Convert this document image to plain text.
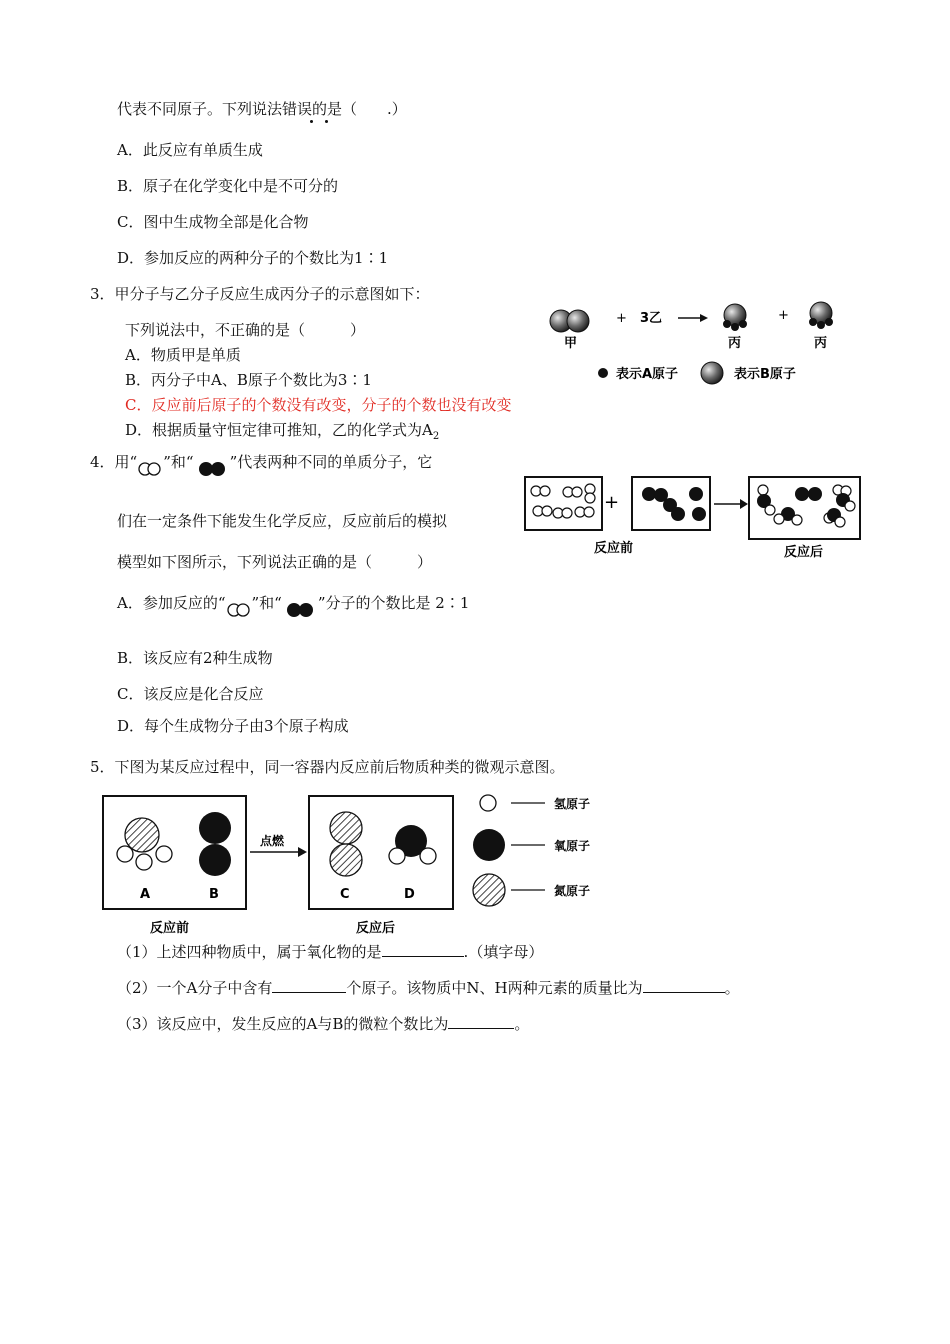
代表不同原子。下列说法错误的是（　　.）
A．此反应有单质生成
B．原子在化学变化中是不可分的
C．图中生成物全部是化合物
D．参加反应的两种分子的个数比为1∶1
3．甲分子与乙分子反应生成丙分子的示意图如下：
下列说法中，不正确的是（　　　）
A．物质甲是单质
B．丙分子中A、B原子个数比为3∶1
C．反应前后原子的个数没有改变，分子的个数也没有改变
D．根据质量守恒定律可推知，乙的化学式为$A_2$
甲
+ 3乙
丙
+
丙
表示A原子	表示B原子
4．用“ ”和“ ”代表两种不同的单质分子，它
们在一定条件下能发生化学反应，反应前后的模拟
模型如下图所示，下列说法正确的是（　　　）
A．参加反应的“ ”和“ ”分子的个数比是 2∶1
B．该反应有2种生成物
C．该反应是化合反应
D．每个生成物分子由3个原子构成
+
反应前	反应后
5．下图为某反应过程中，同一容器内反应前后物质种类的微观示意图。
A	B
反应前
点燃
C	D
反应后
氢原子
氧原子
氮原子
（1）上述四种物质中，属于氧化物的是	.（填字母）
（2）一个A分子中含有	个原子。该物质中N、H两种元素的质量比为	。
（3）该反应中，发生反应的A与B的微粒个数比为	。
